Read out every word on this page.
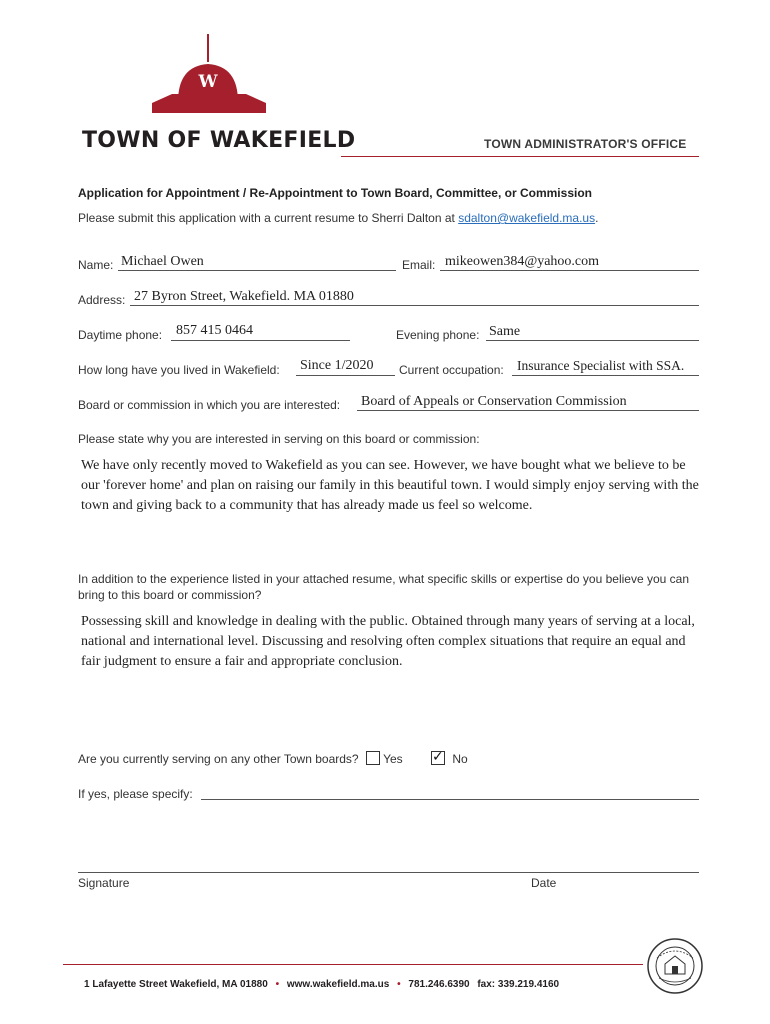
W
TOWN OF WAKEFIELD	TOWN ADMINISTRATOR'S OFFICE
Application for Appointment / Re-Appointment to Town Board, Committee, or Commission
Please submit this application with a current resume to Sherri Dalton at sdalton@wakefield.ma.us.
Name: Michael Owen	Email: mikeowen384@yahoo.com
Address: 27 Byron Street, Wakefield. MA 01880
Daytime phone: 857 415 0464	Evening phone: Same
How long have you lived in Wakefield: Since 1/2020 Current occupation: Insurance Specialist with SSA.
Board or commission in which you are interested: Board of Appeals or Conservation Commission
Please state why you are interested in serving on this board or commission:
We have only recently moved to Wakefield as you can see. However, we have bought what we believe to be our 'forever home' and plan on raising our family in this beautiful town. I would simply enjoy serving with the town and giving back to a community that has already made us feel so welcome.
In addition to the experience listed in your attached resume, what specific skills or expertise do you believe you can bring to this board or commission?
Possessing skill and knowledge in dealing with the public. Obtained through many years of serving at a local, national and international level. Discussing and resolving often complex situations that require an equal and fair judgment to ensure a fair and appropriate conclusion.
Are you currently serving on any other Town boards? Yes ✓ No
If yes, please specify:
Signature	Date
1 Lafayette Street Wakefield, MA 01880 • www.wakefield.ma.us • 781.246.6390 fax: 339.219.4160
